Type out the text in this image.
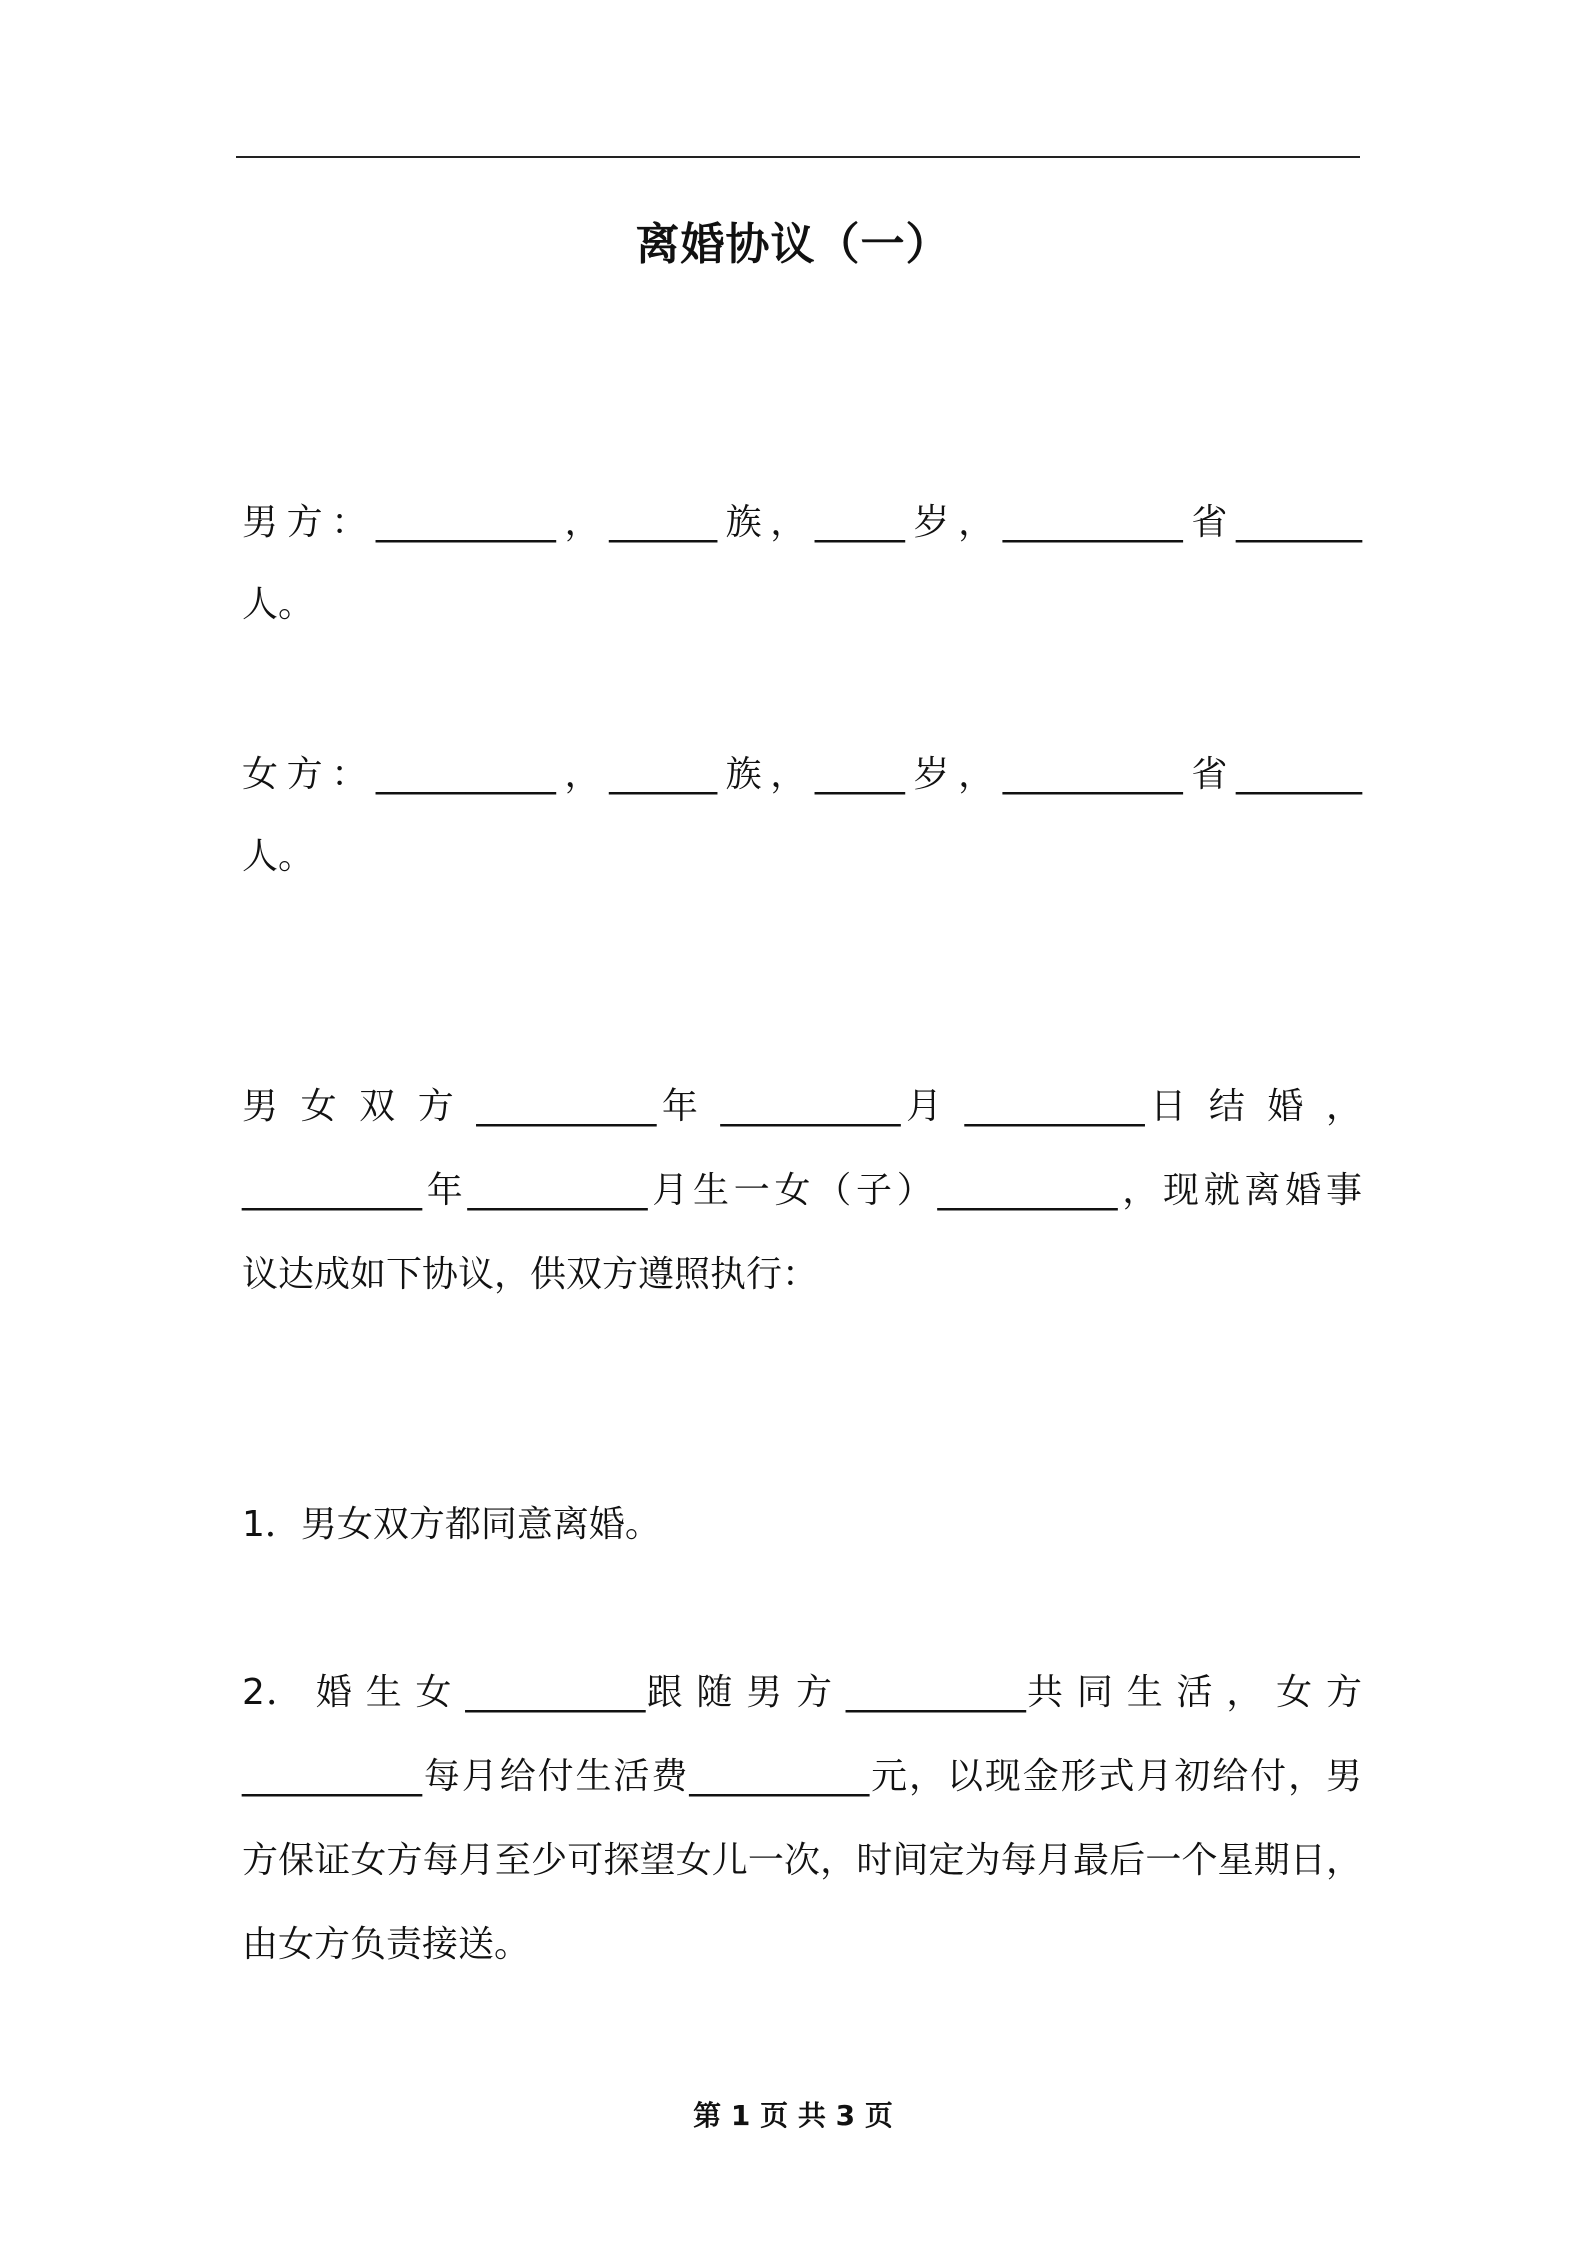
离婚协议（一）
男方：__________，______族，_____岁，__________省_______
人。
女方：__________，______族，_____岁，__________省_______
人。
男 女 双 方 __________年 __________月 __________日 结 婚 ，
__________年__________月生一女（子）__________，现就离婚事
议达成如下协议，供双方遵照执行：
1．男女双方都同意离婚。
2． 婚 生 女 __________跟 随 男 方 __________共 同 生 活 ， 女 方
__________每月给付生活费__________元，以现金形式月初给付，男
方保证女方每月至少可探望女儿一次，时间定为每月最后一个星期日，
由女方负责接送。
第 1 页 共 3 页
